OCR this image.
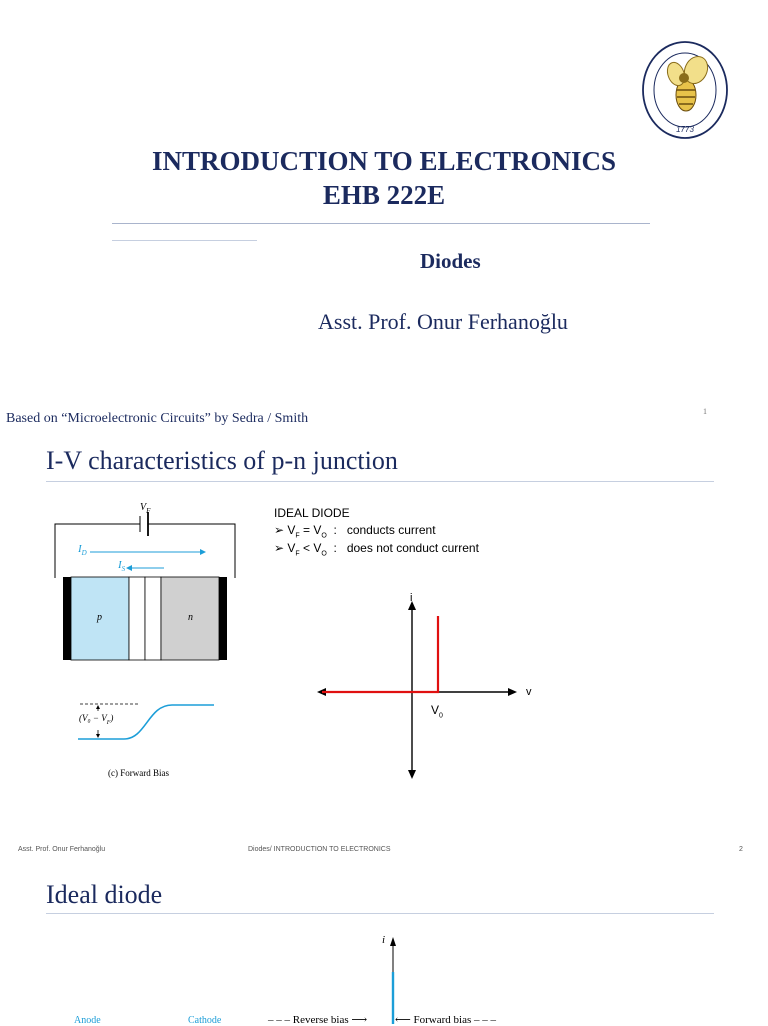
1773
INTRODUCTION TO ELECTRONICS
EHB 222E
Diodes
Asst. Prof. Onur Ferhanoğlu
Based on “Microelectronic Circuits” by Sedra / Smith	1
I-V characteristics of p-n junction
$V_F$
$I_D$
$I_S$
p	n
$(V_0 - V_F)$
(c) Forward Bias
IDEAL DIODE
➢ $V_F = V_O$  :   conducts current
➢ $V_F < V_O$  :   does not conduct current
i
v
$V_0$
Asst. Prof. Onur Ferhanoğlu	Diodes/ INTRODUCTION TO ELECTRONICS	2
Ideal diode
i
Anode	Cathode	– – – Reverse bias ⟶	⟵ Forward bias – – –
